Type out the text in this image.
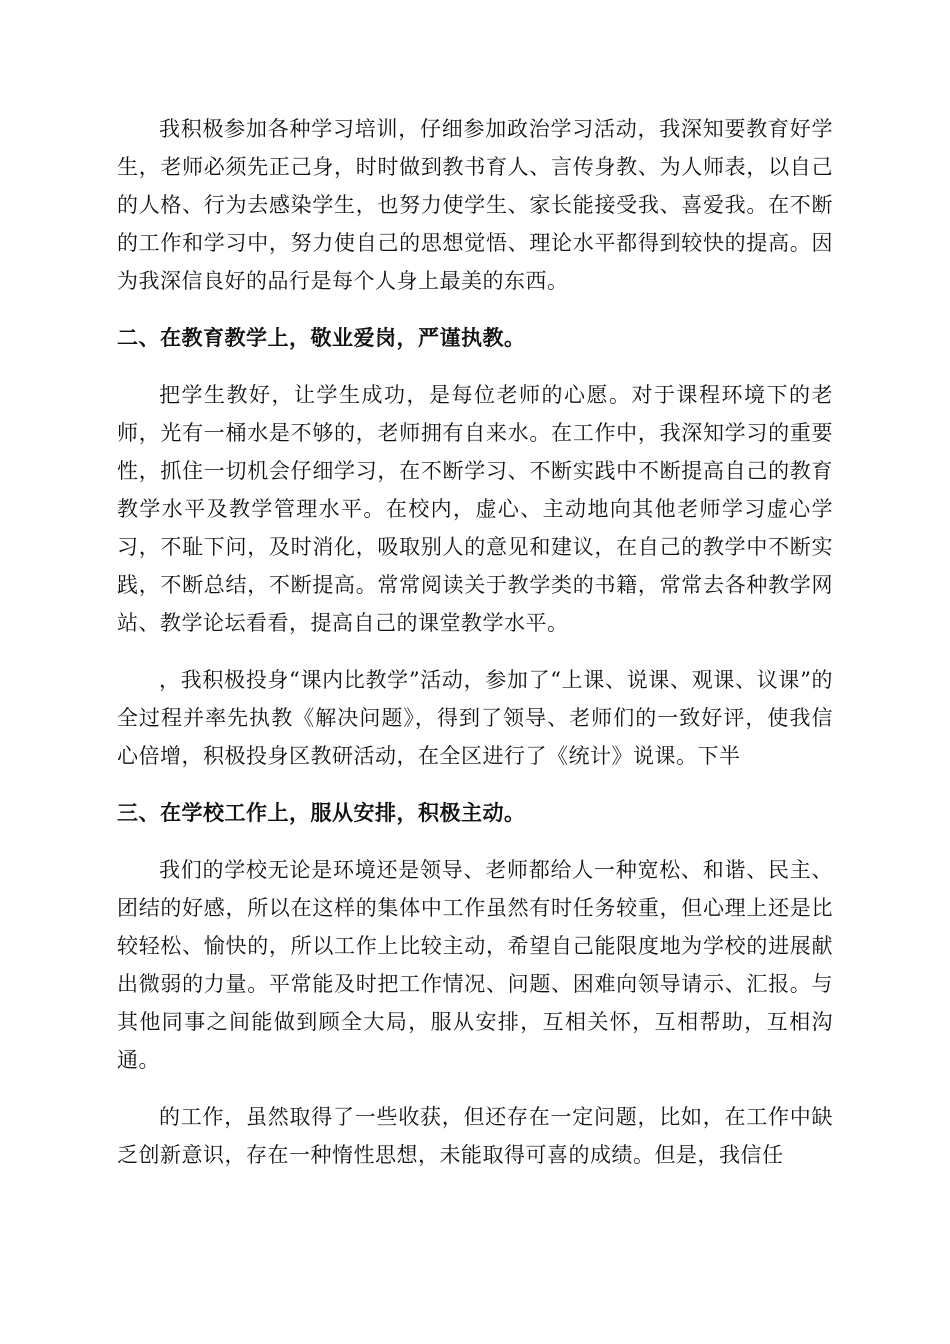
我积极参加各种学习培训，仔细参加政治学习活动，我深知要教育好学生，老师必须先正己身，时时做到教书育人、言传身教、为人师表，以自己的人格、行为去感染学生，也努力使学生、家长能接受我、喜爱我。在不断的工作和学习中，努力使自己的思想觉悟、理论水平都得到较快的提高。因为我深信良好的品行是每个人身上最美的东西。

二、在教育教学上，敬业爱岗，严谨执教。

把学生教好，让学生成功，是每位老师的心愿。对于课程环境下的老师，光有一桶水是不够的，老师拥有自来水。在工作中，我深知学习的重要性，抓住一切机会仔细学习，在不断学习、不断实践中不断提高自己的教育教学水平及教学管理水平。在校内，虚心、主动地向其他老师学习虚心学习，不耻下问，及时消化，吸取别人的意见和建议，在自己的教学中不断实践，不断总结，不断提高。常常阅读关于教学类的书籍，常常去各种教学网站、教学论坛看看，提高自己的课堂教学水平。

，我积极投身“课内比教学”活动，参加了“上课、说课、观课、议课”的全过程并率先执教《解决问题》，得到了领导、老师们的一致好评，使我信心倍增，积极投身区教研活动，在全区进行了《统计》说课。下半

三、在学校工作上，服从安排，积极主动。

我们的学校无论是环境还是领导、老师都给人一种宽松、和谐、民主、团结的好感，所以在这样的集体中工作虽然有时任务较重，但心理上还是比较轻松、愉快的，所以工作上比较主动，希望自己能限度地为学校的进展献出微弱的力量。平常能及时把工作情况、问题、困难向领导请示、汇报。与其他同事之间能做到顾全大局，服从安排，互相关怀，互相帮助，互相沟通。

的工作，虽然取得了一些收获，但还存在一定问题，比如，在工作中缺乏创新意识，存在一种惰性思想，未能取得可喜的成绩。但是，我信任
